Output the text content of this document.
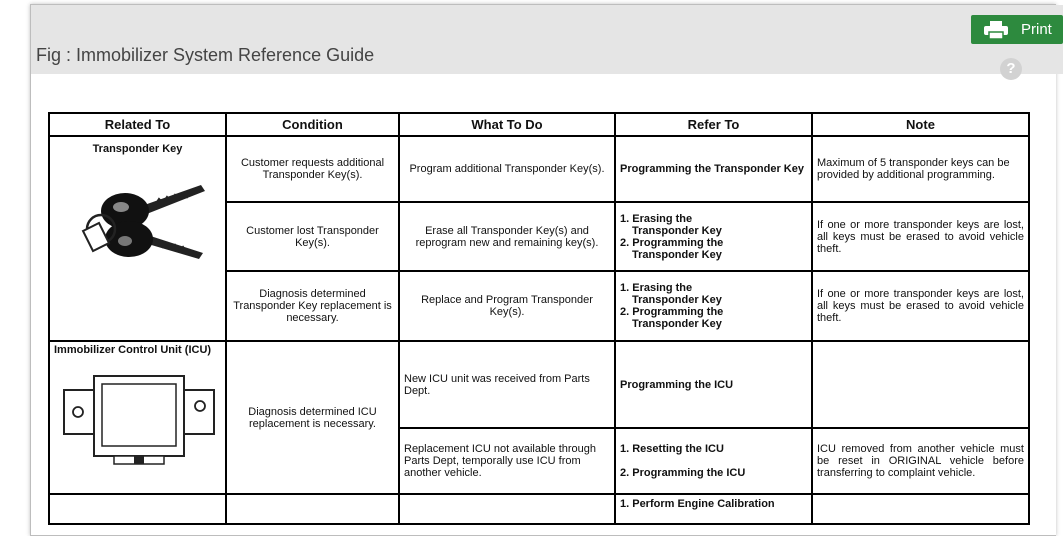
Fig : Immobilizer System Reference Guide
Print
?
Related To	Condition	What To Do	Refer To	Note

Transponder Key	Customer requests additional Transponder Key(s).	Program additional Transponder Key(s).	Programming the Transponder Key	Maximum of 5 transponder keys can be provided by additional programming.
	Customer lost Transponder Key(s).	Erase all Transponder Key(s) and reprogram new and remaining key(s).	1. Erasing the
Transponder Key
2. Programming the
Transponder Key	If one or more transponder keys are lost, all keys must be erased to avoid vehicle theft.
	Diagnosis determined Transponder Key replacement is necessary.	Replace and Program Transponder Key(s).	1. Erasing the
Transponder Key
2. Programming the
Transponder Key	If one or more transponder keys are lost, all keys must be erased to avoid vehicle theft.

Immobilizer Control Unit (ICU)	Diagnosis determined ICU replacement is necessary.	New ICU unit was received from Parts Dept.	Programming the ICU	
		Replacement ICU not available through Parts Dept, temporally use ICU from another vehicle.	1. Resetting the ICU
2. Programming the ICU	ICU removed from another vehicle must be reset in ORIGINAL vehicle before transferring to complaint vehicle.
			1. Perform Engine Calibration	
